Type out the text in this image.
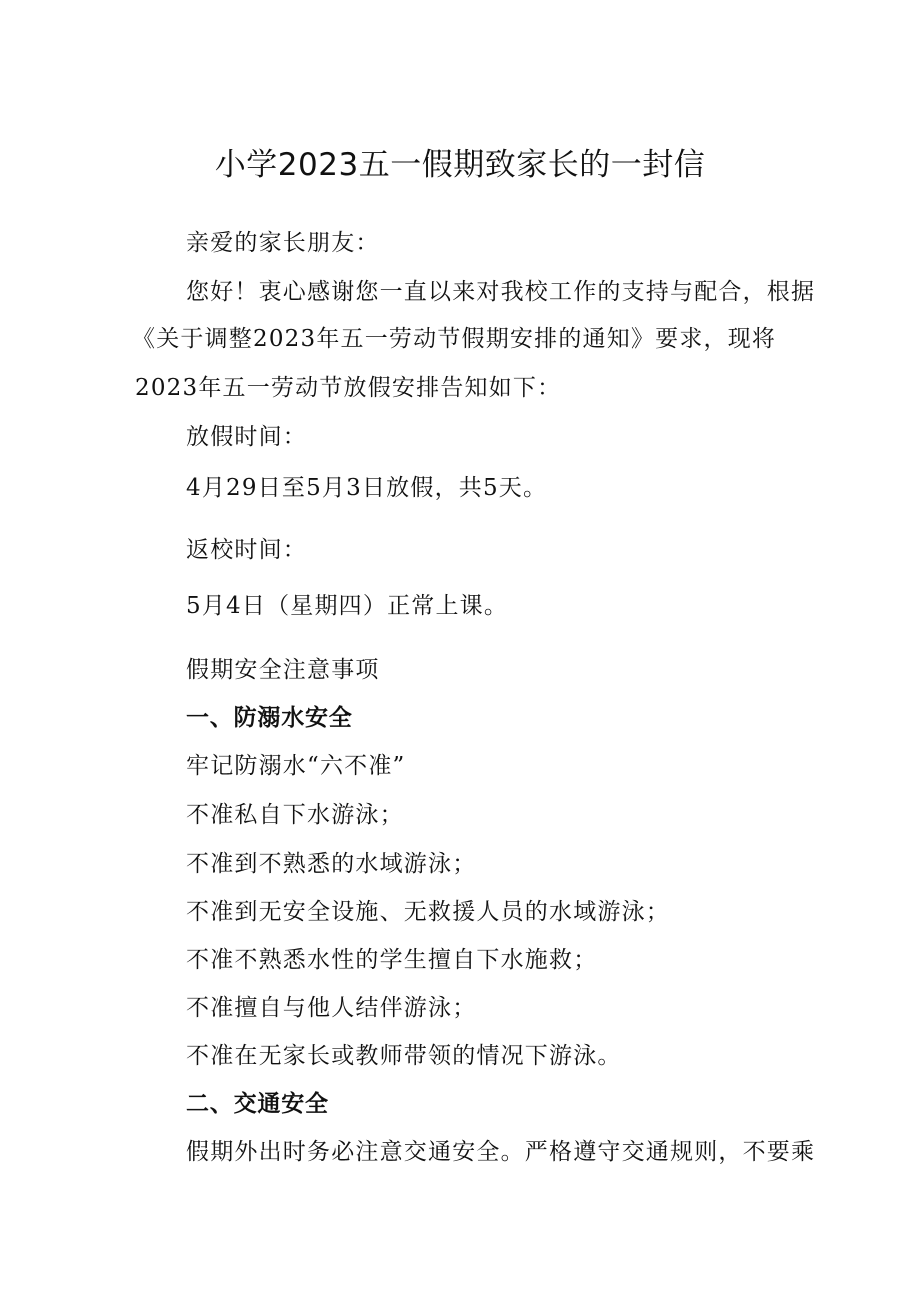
小学2023五一假期致家长的一封信
亲爱的家长朋友：
您好！衷心感谢您一直以来对我校工作的支持与配合，根据
《关于调整2023年五一劳动节假期安排的通知》要求，现将
2023年五一劳动节放假安排告知如下：
放假时间：
4月29日至5月3日放假，共5天。
返校时间：
5月4日（星期四）正常上课。
假期安全注意事项
一、防溺水安全
牢记防溺水“六不准”
不准私自下水游泳；
不准到不熟悉的水域游泳；
不准到无安全设施、无救援人员的水域游泳；
不准不熟悉水性的学生擅自下水施救；
不准擅自与他人结伴游泳；
不准在无家长或教师带领的情况下游泳。
二、交通安全
假期外出时务必注意交通安全。严格遵守交通规则，不要乘
